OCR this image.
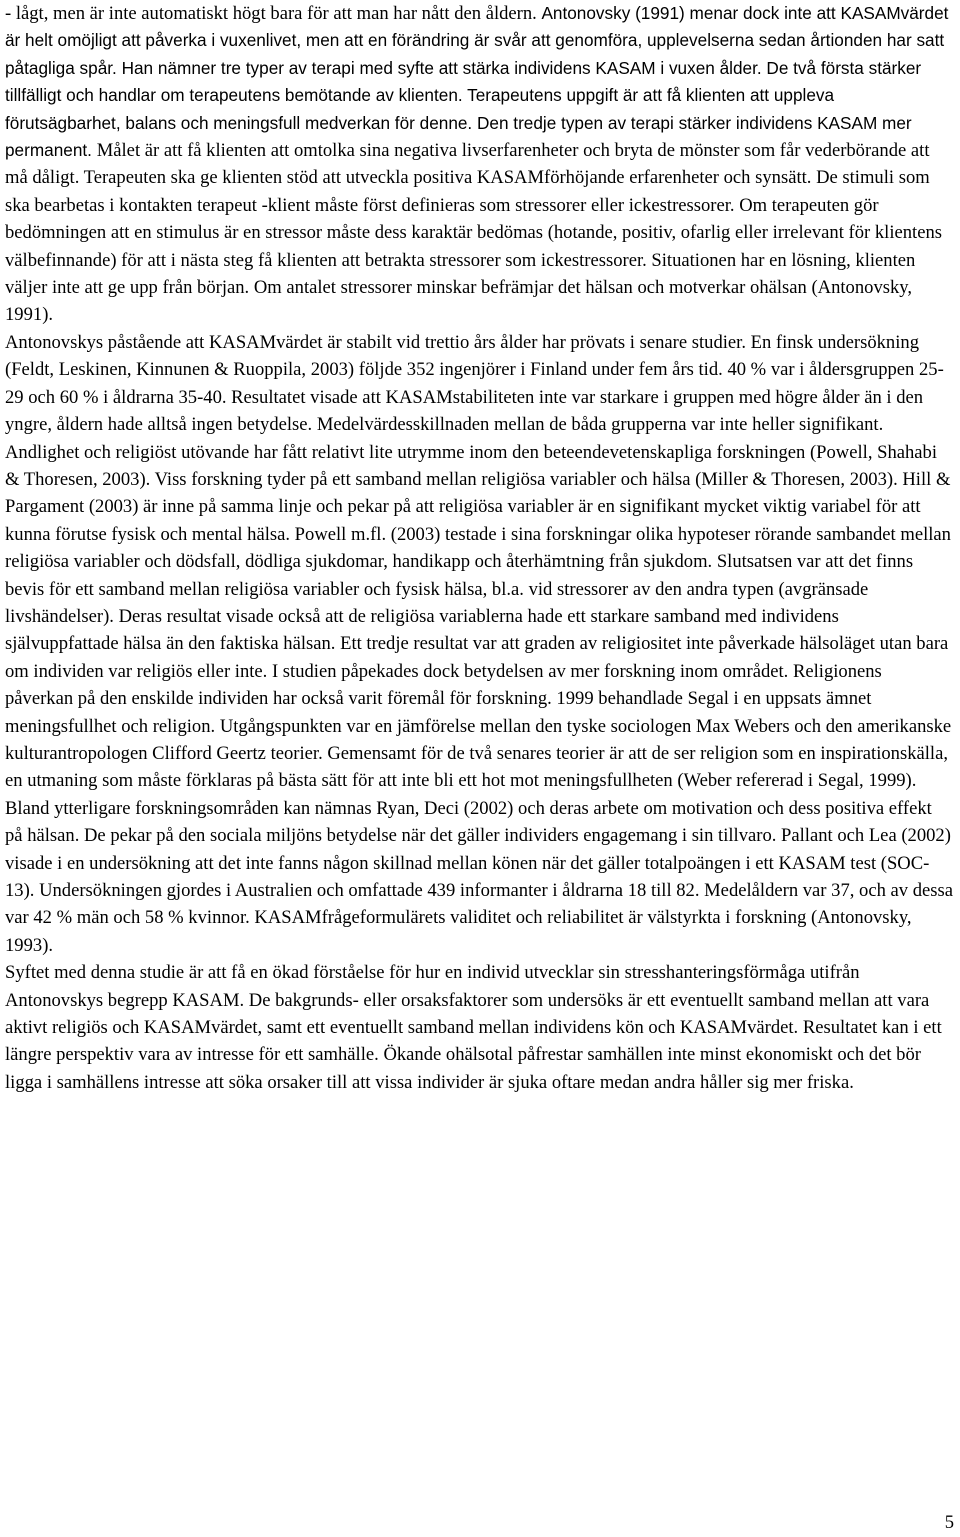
- lågt, men är inte automatiskt högt bara för att man har nått den åldern. Antonovsky (1991) menar dock inte att KASAMvärdet är helt omöjligt att påverka i vuxenlivet, men att en förändring är svår att genomföra, upplevelserna sedan årtionden har satt påtagliga spår. Han nämner tre typer av terapi med syfte att stärka individens KASAM i vuxen ålder. De två första stärker tillfälligt och handlar om terapeutens bemötande av klienten. Terapeutens uppgift är att få klienten att uppleva förutsägbarhet, balans och meningsfull medverkan för denne. Den tredje typen av terapi stärker individens KASAM mer permanent. Målet är att få klienten att omtolka sina negativa livserfarenheter och bryta de mönster som får vederbörande att må dåligt. Terapeuten ska ge klienten stöd att utveckla positiva KASAMförhöjande erfarenheter och synsätt. De stimuli som ska bearbetas i kontakten terapeut -klient måste först definieras som stressorer eller ickestressorer. Om terapeuten gör bedömningen att en stimulus är en stressor måste dess karaktär bedömas (hotande, positiv, ofarlig eller irrelevant för klientens välbefinnande) för att i nästa steg få klienten att betrakta stressorer som ickestressorer. Situationen har en lösning, klienten väljer inte att ge upp från början. Om antalet stressorer minskar befrämjar det hälsan och motverkar ohälsan (Antonovsky, 1991).

Antonovskys påstående att KASAMvärdet är stabilt vid trettio års ålder har prövats i senare studier. En finsk undersökning (Feldt, Leskinen, Kinnunen & Ruoppila, 2003) följde 352 ingenjörer i Finland under fem års tid. 40 % var i åldersgruppen 25-29 och 60 % i åldrarna 35-40. Resultatet visade att KASAMstabiliteten inte var starkare i gruppen med högre ålder än i den yngre, åldern hade alltså ingen betydelse. Medelvärdesskillnaden mellan de båda grupperna var inte heller signifikant.

Andlighet och religiöst utövande har fått relativt lite utrymme inom den beteendevetenskapliga forskningen (Powell, Shahabi & Thoresen, 2003). Viss forskning tyder på ett samband mellan religiösa variabler och hälsa (Miller & Thoresen, 2003). Hill & Pargament (2003) är inne på samma linje och pekar på att religiösa variabler är en signifikant mycket viktig variabel för att kunna förutse fysisk och mental hälsa. Powell m.fl. (2003) testade i sina forskningar olika hypoteser rörande sambandet mellan religiösa variabler och dödsfall, dödliga sjukdomar, handikapp och återhämtning från sjukdom. Slutsatsen var att det finns bevis för ett samband mellan religiösa variabler och fysisk hälsa, bl.a. vid stressorer av den andra typen (avgränsade livshändelser). Deras resultat visade också att de religiösa variablerna hade ett starkare samband med individens självuppfattade hälsa än den faktiska hälsan. Ett tredje resultat var att graden av religiositet inte påverkade hälsoläget utan bara om individen var religiös eller inte. I studien påpekades dock betydelsen av mer forskning inom området. Religionens påverkan på den enskilde individen har också varit föremål för forskning. 1999 behandlade Segal i en uppsats ämnet meningsfullhet och religion. Utgångspunkten var en jämförelse mellan den tyske sociologen Max Webers och den amerikanske kulturantropologen Clifford Geertz teorier. Gemensamt för de två senares teorier är att de ser religion som en inspirationskälla, en utmaning som måste förklaras på bästa sätt för att inte bli ett hot mot meningsfullheten (Weber refererad i Segal, 1999). Bland ytterligare forskningsområden kan nämnas Ryan, Deci (2002) och deras arbete om motivation och dess positiva effekt på hälsan. De pekar på den sociala miljöns betydelse när det gäller individers engagemang i sin tillvaro. Pallant och Lea (2002) visade i en undersökning att det inte fanns någon skillnad mellan könen när det gäller totalpoängen i ett KASAM test (SOC-13). Undersökningen gjordes i Australien och omfattade 439 informanter i åldrarna 18 till 82. Medelåldern var 37, och av dessa var 42 % män och 58 % kvinnor. KASAMfrågeformulärets validitet och reliabilitet är välstyrkta i forskning (Antonovsky, 1993).

Syftet med denna studie är att få en ökad förståelse för hur en individ utvecklar sin stresshanteringsförmåga utifrån Antonovskys begrepp KASAM. De bakgrunds- eller orsaksfaktorer som undersöks är ett eventuellt samband mellan att vara aktivt religiös och KASAMvärdet, samt ett eventuellt samband mellan individens kön och KASAMvärdet. Resultatet kan i ett längre perspektiv vara av intresse för ett samhälle. Ökande ohälsotal påfrestar samhällen inte minst ekonomiskt och det bör ligga i samhällens intresse att söka orsaker till att vissa individer är sjuka oftare medan andra håller sig mer friska.

5
